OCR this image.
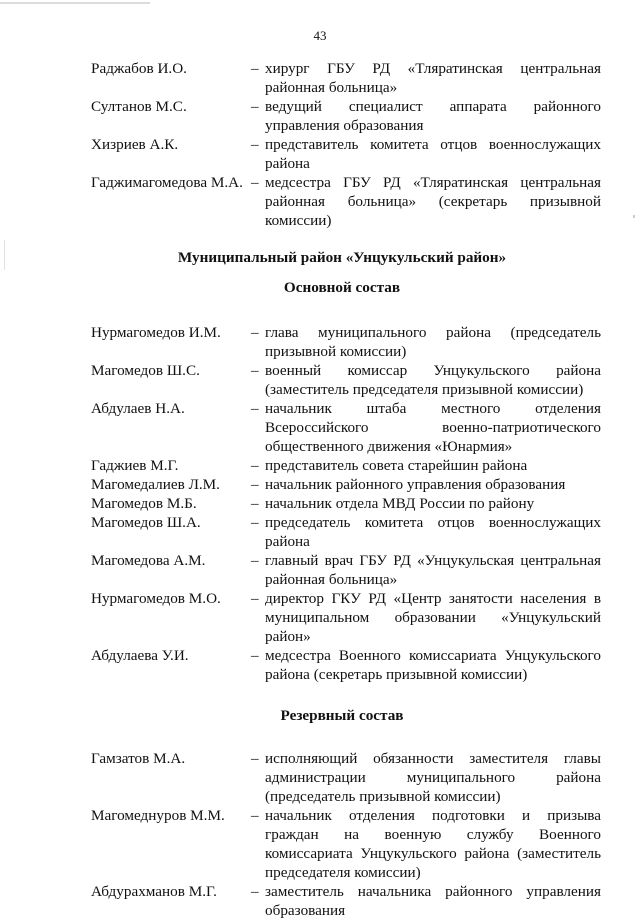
43
Раджабов И.О.	– хирург ГБУ РД «Тляратинская центральная районная больница»
Султанов М.С.	– ведущий специалист аппарата районного управления образования
Хизриев А.К.	– представитель комитета отцов военнослужащих района
Гаджимагомедова М.А. – медсестра ГБУ РД «Тляратинская центральная районная больница» (секретарь призывной комиссии)
Муниципальный район «Унцукульский район»
Основной состав
Нурмагомедов И.М.	– глава муниципального района (председатель призывной комиссии)
Магомедов Ш.С.	– военный комиссар Унцукульского района (заместитель председателя призывной комиссии)
Абдулаев Н.А.	– начальник штаба местного отделения Всероссийского военно-патриотического общественного движения «Юнармия»
Гаджиев М.Г.	– представитель совета старейшин района
Магомедалиев Л.М.	– начальник районного управления образования
Магомедов М.Б.	– начальник отдела МВД России по району
Магомедов Ш.А.	– председатель комитета отцов военнослужащих района
Магомедова А.М.	– главный врач ГБУ РД «Унцукульская центральная районная больница»
Нурмагомедов М.О.	– директор ГКУ РД «Центр занятости населения в муниципальном образовании «Унцукульский район»
Абдулаева У.И.	– медсестра Военного комиссариата Унцукульского района (секретарь призывной комиссии)
Резервный состав
Гамзатов М.А.	– исполняющий обязанности заместителя главы администрации муниципального района (председатель призывной комиссии)
Магомеднуров М.М.	– начальник отделения подготовки и призыва граждан на военную службу Военного комиссариата Унцукульского района (заместитель председателя комиссии)
Абдурахманов М.Г.	– заместитель начальника районного управления образования
